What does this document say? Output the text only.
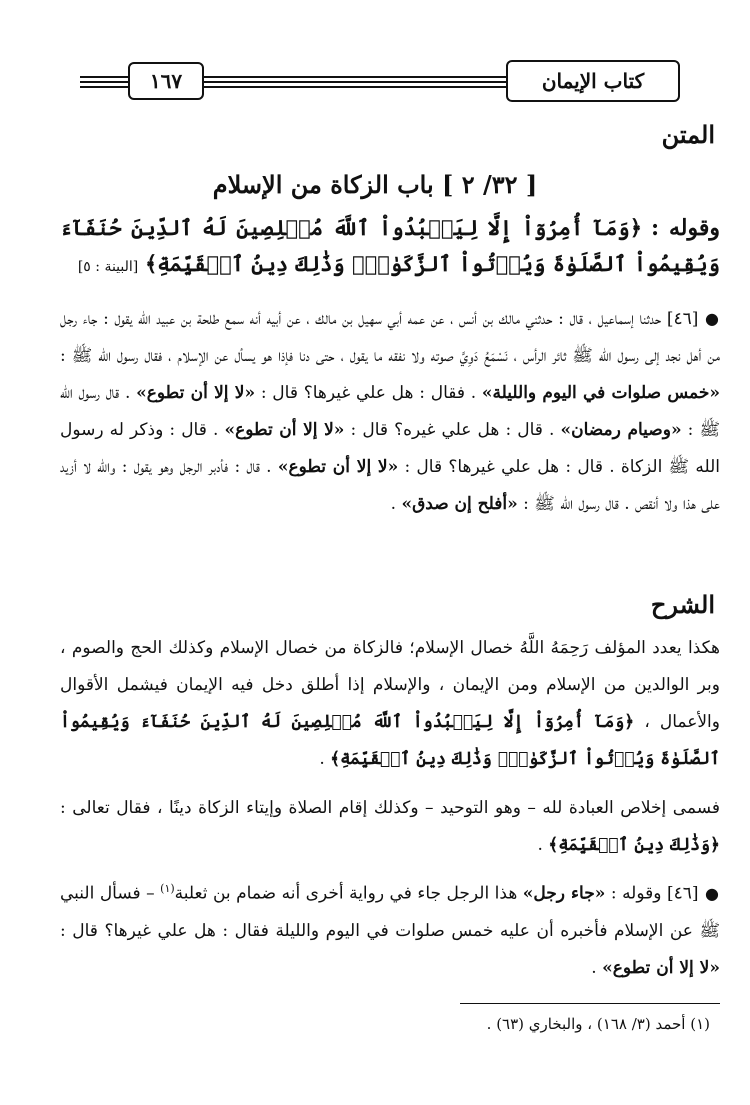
١٦٧	كتاب الإيمان
المتن
[ ٣٢/ ٢ ] باب الزكاة من الإسلام
وقوله : ﴿وَمَآ أُمِرُوٓاْ إِلَّا لِيَعۡبُدُواْ ٱللَّهَ مُخۡلِصِينَ لَهُ ٱلدِّينَ حُنَفَآءَ وَيُقِيمُواْ ٱلصَّلَوٰةَ وَيُؤۡتُواْ ٱلزَّكَوٰةَۚ وَذَٰلِكَ دِينُ ٱلۡقَيِّمَةِ﴾ [البينة : ٥]
● [٤٦] حدثنا إسماعيل ، قال : حدثني مالك بن أنس ، عن عمه أبي سهيل بن مالك ، عن أبيه أنه سمع طلحة بن عبيد الله يقول : جاء رجل من أهل نجد إلى رسول الله ﷺ ثائر الرأس ، نَسْمَعُ دَوِيَّ صوته ولا نفقه ما يقول ، حتى دنا فإذا هو يسأل عن الإسلام ، فقال رسول الله ﷺ : «خمس صلوات في اليوم والليلة» . فقال : هل علي غيرها؟ قال : «لا إلا أن تطوع» . قال رسول الله ﷺ : «وصيام رمضان» . قال : هل علي غيره؟ قال : «لا إلا أن تطوع» . قال : وذكر له رسول الله ﷺ الزكاة . قال : هل علي غيرها؟ قال : «لا إلا أن تطوع» . قال : فأدبر الرجل وهو يقول : والله لا أزيد على هذا ولا أنقص . قال رسول الله ﷺ : «أفلح إن صدق» .
الشرح
هكذا يعدد المؤلف رَحِمَهُ اللَّهُ خصال الإسلام؛ فالزكاة من خصال الإسلام وكذلك الحج والصوم ، وبر الوالدين من الإسلام ومن الإيمان ، والإسلام إذا أطلق دخل فيه الإيمان فيشمل الأقوال والأعمال ، ﴿وَمَآ أُمِرُوٓاْ إِلَّا لِيَعۡبُدُواْ ٱللَّهَ مُخۡلِصِينَ لَهُ ٱلدِّينَ حُنَفَآءَ وَيُقِيمُواْ ٱلصَّلَوٰةَ وَيُؤۡتُواْ ٱلزَّكَوٰةَۚ وَذَٰلِكَ دِينُ ٱلۡقَيِّمَةِ﴾ .
فسمى إخلاص العبادة لله – وهو التوحيد – وكذلك إقام الصلاة وإيتاء الزكاة دينًا ، فقال تعالى : ﴿وَذَٰلِكَ دِينُ ٱلۡقَيِّمَةِ﴾ .
● [٤٦] وقوله : «جاء رجل» هذا الرجل جاء في رواية أخرى أنه ضمام بن ثعلبة$^{(١)}$ – فسأل النبي ﷺ عن الإسلام فأخبره أن عليه خمس صلوات في اليوم والليلة فقال : هل علي غيرها؟ قال : «لا إلا أن تطوع» .
(١) أحمد (٣/ ١٦٨) ، والبخاري (٦٣) .
